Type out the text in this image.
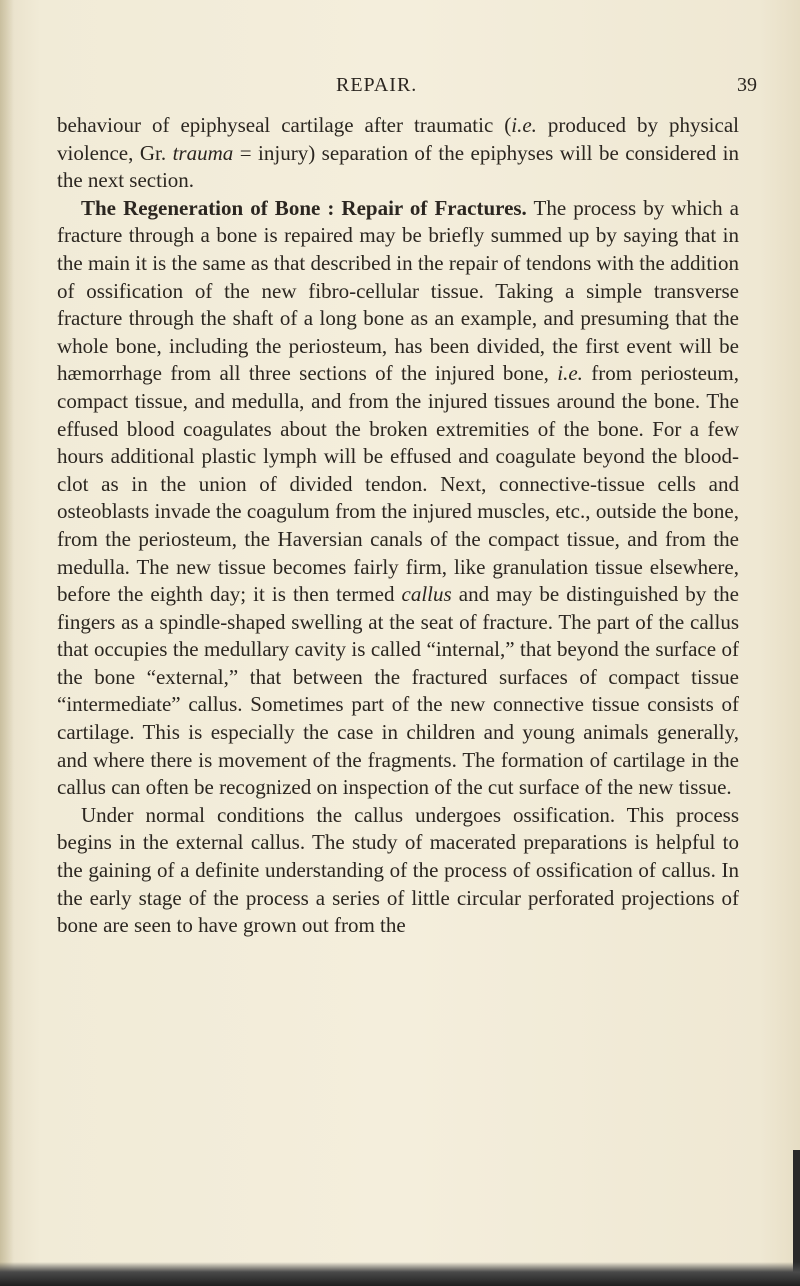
REPAIR.	39

behaviour of epiphyseal cartilage after traumatic (i.e. produced by physical violence, Gr. trauma = injury) separation of the epiphyses will be considered in the next section.

The Regeneration of Bone : Repair of Fractures. The process by which a fracture through a bone is repaired may be briefly summed up by saying that in the main it is the same as that described in the repair of tendons with the addition of ossification of the new fibro-cellular tissue. Taking a simple transverse fracture through the shaft of a long bone as an example, and presuming that the whole bone, including the periosteum, has been divided, the first event will be hæmorrhage from all three sections of the injured bone, i.e. from periosteum, compact tissue, and medulla, and from the injured tissues around the bone. The effused blood coagulates about the broken extremities of the bone. For a few hours additional plastic lymph will be effused and coagulate beyond the blood-clot as in the union of divided tendon. Next, connective-tissue cells and osteoblasts invade the coagulum from the injured muscles, etc., outside the bone, from the periosteum, the Haversian canals of the compact tissue, and from the medulla. The new tissue becomes fairly firm, like granulation tissue elsewhere, before the eighth day; it is then termed callus and may be distinguished by the fingers as a spindle-shaped swelling at the seat of fracture. The part of the callus that occupies the medullary cavity is called “internal,” that beyond the surface of the bone “external,” that between the fractured surfaces of compact tissue “intermediate” callus. Sometimes part of the new connective tissue consists of cartilage. This is especially the case in children and young animals generally, and where there is movement of the fragments. The formation of cartilage in the callus can often be recognized on inspection of the cut surface of the new tissue.

Under normal conditions the callus undergoes ossification. This process begins in the external callus. The study of macerated preparations is helpful to the gaining of a definite understanding of the process of ossification of callus. In the early stage of the process a series of little circular perforated projections of bone are seen to have grown out from the
